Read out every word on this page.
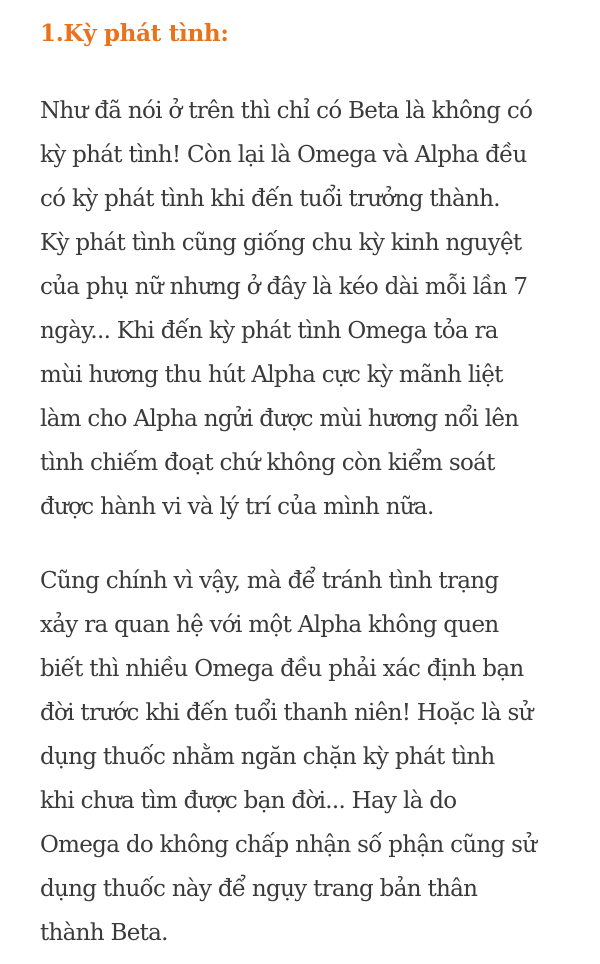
1.Kỳ phát tình:

Như đã nói ở trên thì chỉ có Beta là không có
kỳ phát tình! Còn lại là Omega và Alpha đều
có kỳ phát tình khi đến tuổi trưởng thành.
Kỳ phát tình cũng giống chu kỳ kinh nguyệt
của phụ nữ nhưng ở đây là kéo dài mỗi lần 7
ngày... Khi đến kỳ phát tình Omega tỏa ra
mùi hương thu hút Alpha cực kỳ mãnh liệt
làm cho Alpha ngửi được mùi hương nổi lên
tình chiếm đoạt chứ không còn kiểm soát
được hành vi và lý trí của mình nữa.

Cũng chính vì vậy, mà để tránh tình trạng
xảy ra quan hệ với một Alpha không quen
biết thì nhiều Omega đều phải xác định bạn
đời trước khi đến tuổi thanh niên! Hoặc là sử
dụng thuốc nhằm ngăn chặn kỳ phát tình
khi chưa tìm được bạn đời... Hay là do
Omega do không chấp nhận số phận cũng sử
dụng thuốc này để ngụy trang bản thân
thành Beta.
